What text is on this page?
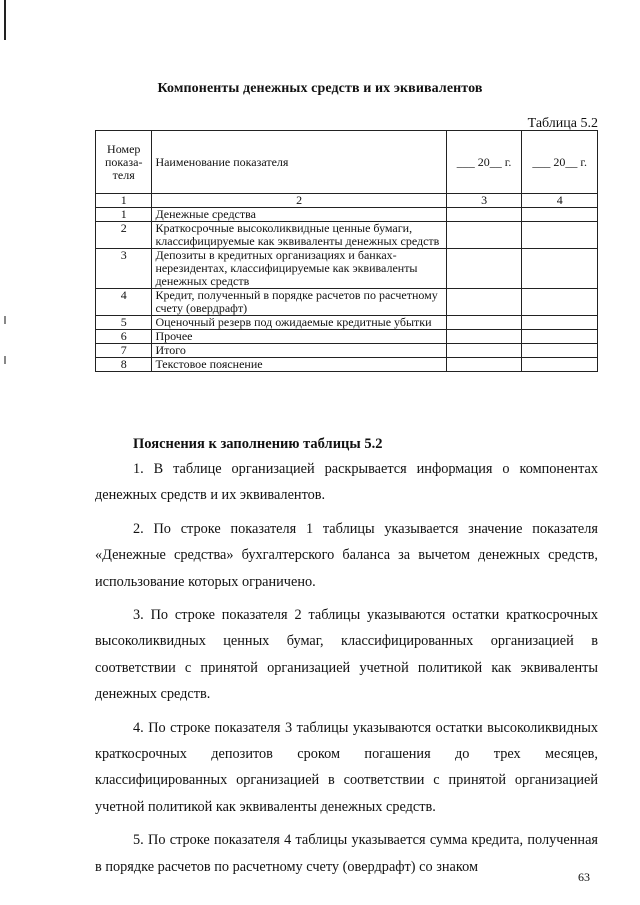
Компоненты денежных средств и их эквивалентов
Таблица 5.2
Номер показа-теля	Наименование показателя	___ 20__ г.	___ 20__ г.
1	2	3	4
1	Денежные средства		
2	Краткосрочные высоколиквидные ценные бумаги, классифицируемые как эквиваленты денежных средств		
3	Депозиты в кредитных организациях и банках-нерезидентах, классифицируемые как эквиваленты денежных средств		
4	Кредит, полученный в порядке расчетов по расчетному счету (овердрафт)		
5	Оценочный резерв под ожидаемые кредитные убытки		
6	Прочее		
7	Итого		
8	Текстовое пояснение		
Пояснения к заполнению таблицы 5.2

1. В таблице организацией раскрывается информация о компонентах денежных средств и их эквивалентов.

2. По строке показателя 1 таблицы указывается значение показателя «Денежные средства» бухгалтерского баланса за вычетом денежных средств, использование которых ограничено.

3. По строке показателя 2 таблицы указываются остатки краткосрочных высоколиквидных ценных бумаг, классифицированных организацией в соответствии с принятой организацией учетной политикой как эквиваленты денежных средств.

4. По строке показателя 3 таблицы указываются остатки высоколиквидных краткосрочных депозитов сроком погашения до трех месяцев, классифицированных организацией в соответствии с принятой организацией учетной политикой как эквиваленты денежных средств.

5. По строке показателя 4 таблицы указывается сумма кредита, полученная в порядке расчетов по расчетному счету (овердрафт) со знаком

63
